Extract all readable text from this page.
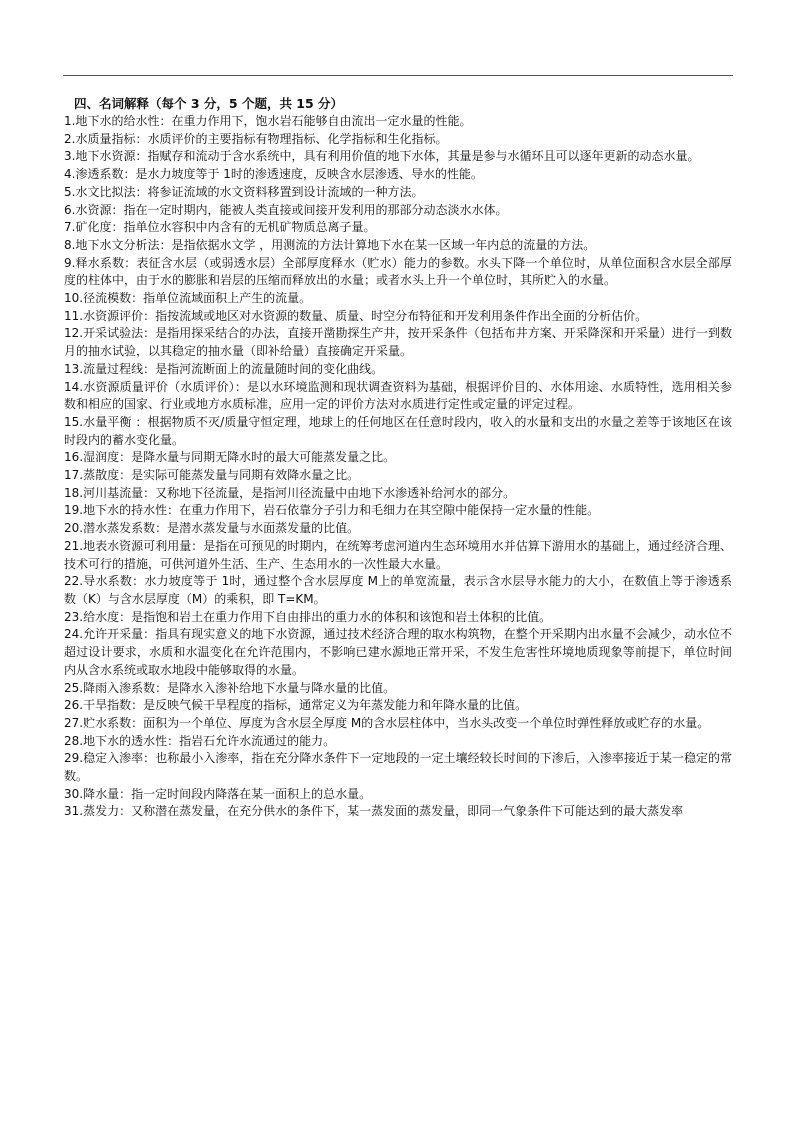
四、名词解释（每个 3 分，5 个题，共 15 分）

1.地下水的给水性：在重力作用下，饱水岩石能够自由流出一定水量的性能。

2.水质量指标：水质评价的主要指标有物理指标、化学指标和生化指标。

3.地下水资源：指赋存和流动于含水系统中，具有利用价值的地下水体，其量是参与水循环且可以逐年更新的动态水量。

4.渗透系数：是水力坡度等于 1时的渗透速度，反映含水层渗透、导水的性能。

5.水文比拟法：将参证流域的水文资料移置到设计流域的一种方法。

6.水资源：指在一定时期内，能被人类直接或间接开发利用的那部分动态淡水水体。

7.矿化度：指单位水容积中内含有的无机矿物质总离子量。

8.地下水文分析法：是指依据水文学 ，用测流的方法计算地下水在某一区域一年内总的流量的方法。

9.释水系数：表征含水层（或弱透水层）全部厚度释水（贮水）能力的参数。水头下降一个单位时，从单位面积含水层全部厚度的柱体中，由于水的膨胀和岩层的压缩而释放出的水量；或者水头上升一个单位时，其所贮入的水量。

10.径流模数：指单位流域面积上产生的流量。

11.水资源评价：指按流域或地区对水资源的数量、质量、时空分布特征和开发利用条件作出全面的分析估价。

12.开采试验法：是指用探采结合的办法，直接开凿勘探生产井，按开采条件（包括布井方案、开采降深和开采量）进行一到数月的抽水试验，以其稳定的抽水量（即补给量）直接确定开采量。

13.流量过程线：是指河流断面上的流量随时间的变化曲线。

14.水资源质量评价（水质评价）：是以水环境监测和现状调查资料为基础，根据评价目的、水体用途、水质特性，选用相关参数和相应的国家、行业或地方水质标准，应用一定的评价方法对水质进行定性或定量的评定过程。

15.水量平衡 ：根据物质不灭/质量守恒定理，地球上的任何地区在任意时段内，收入的水量和支出的水量之差等于该地区在该时段内的蓄水变化量。

16.湿润度：是降水量与同期无降水时的最大可能蒸发量之比。

17.蒸散度：是实际可能蒸发量与同期有效降水量之比。

18.河川基流量：又称地下径流量，是指河川径流量中由地下水渗透补给河水的部分。

19.地下水的持水性：在重力作用下，岩石依靠分子引力和毛细力在其空隙中能保持一定水量的性能。

20.潜水蒸发系数：是潜水蒸发量与水面蒸发量的比值。

21.地表水资源可利用量：是指在可预见的时期内，在统筹考虑河道内生态环境用水并估算下游用水的基础上，通过经济合理、技术可行的措施，可供河道外生活、生产、生态用水的一次性最大水量。

22.导水系数：水力坡度等于 1时，通过整个含水层厚度 M上的单宽流量，表示含水层导水能力的大小，在数值上等于渗透系数（K）与含水层厚度（M）的乘积，即 T=KM。

23.给水度：是指饱和岩土在重力作用下自由排出的重力水的体积和该饱和岩土体积的比值。

24.允许开采量：指具有现实意义的地下水资源，通过技术经济合理的取水构筑物，在整个开采期内出水量不会减少，动水位不超过设计要求，水质和水温变化在允许范围内，不影响已建水源地正常开采，不发生危害性环境地质现象等前提下，单位时间内从含水系统或取水地段中能够取得的水量。

25.降雨入渗系数：是降水入渗补给地下水量与降水量的比值。

26.干旱指数：是反映气候干旱程度的指标，通常定义为年蒸发能力和年降水量的比值。

27.贮水系数：面积为一个单位、厚度为含水层全厚度 M的含水层柱体中，当水头改变一个单位时弹性释放或贮存的水量。

28.地下水的透水性：指岩石允许水流通过的能力。

29.稳定入渗率：也称最小入渗率，指在充分降水条件下一定地段的一定土壤经较长时间的下渗后，入渗率接近于某一稳定的常数。

30.降水量：指一定时间段内降落在某一面积上的总水量。

31.蒸发力：又称潜在蒸发量，在充分供水的条件下，某一蒸发面的蒸发量，即同一气象条件下可能达到的最大蒸发率
